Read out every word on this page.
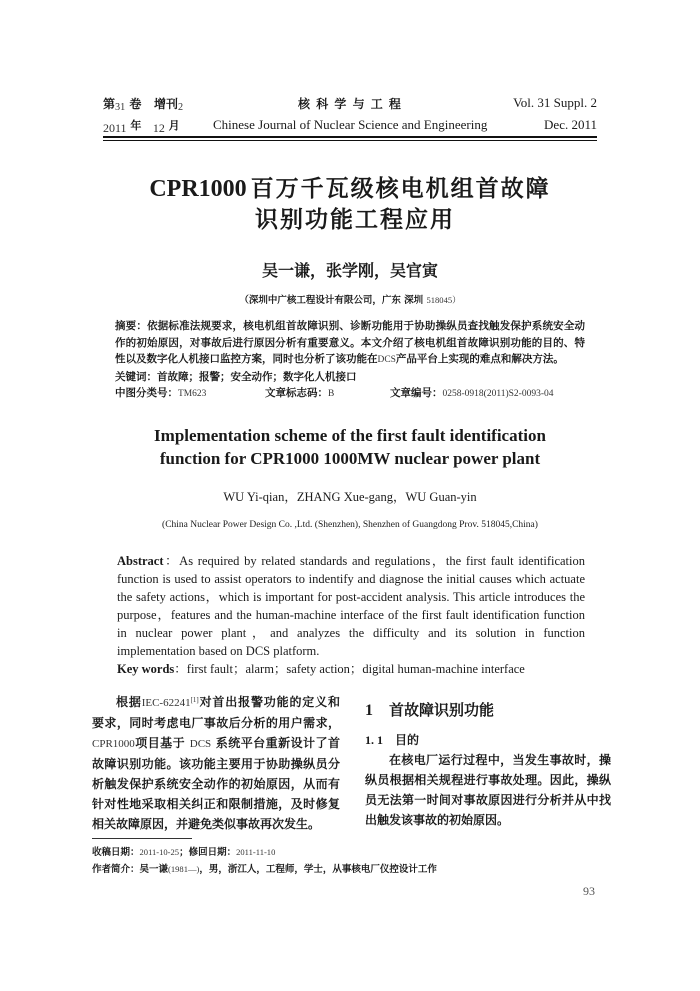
第31 卷 增刊2	核 科 学 与 工 程	Vol. 31 Suppl. 2
2011 年 12 月	Chinese Journal of Nuclear Science and Engineering	Dec. 2011
CPR1000 百万千瓦级核电机组首故障
识别功能工程应用
吴一谦，张学刚，吴官寅
（深圳中广核工程设计有限公司，广东 深圳 518045）
摘要：依据标准法规要求，核电机组首故障识别、诊断功能用于协助操纵员查找触发保护系统安全动作的初始原因，对事故后进行原因分析有重要意义。本文介绍了核电机组首故障识别功能的目的、特性以及数字化人机接口监控方案，同时也分析了该功能在DCS产品平台上实现的难点和解决方法。
关键词：首故障；报警；安全动作；数字化人机接口
中图分类号：TM623	文章标志码：B	文章编号：0258-0918(2011)S2-0093-04
Implementation scheme of the first fault identification
function for CPR1000 1000MW nuclear power plant
WU Yi-qian，ZHANG Xue-gang，WU Guan-yin
(China Nuclear Power Design Co. ,Ltd. (Shenzhen), Shenzhen of Guangdong Prov. 518045,China)
Abstract：As required by related standards and regulations，the first fault identification function is used to assist operators to indentify and diagnose the initial causes which actuate the safety actions，which is important for post-accident analysis. This article introduces the purpose，features and the human-machine interface of the first fault identification function in nuclear power plant，and analyzes the difficulty and its solution in function implementation based on DCS platform.
Key words：first fault；alarm；safety action；digital human-machine interface

根据IEC-62241[1]对首出报警功能的定义和要求，同时考虑电厂事故后分析的用户需求，CPR1000项目基于 DCS 系统平台重新设计了首故障识别功能。该功能主要用于协助操纵员分析触发保护系统安全动作的初始原因，从而有针对性地采取相关纠正和限制措施，及时修复相关故障原因，并避免类似事故再次发生。

1 首故障识别功能
1. 1 目的

在核电厂运行过程中，当发生事故时，操纵员根据相关规程进行事故处理。因此，操纵员无法第一时间对事故原因进行分析并从中找出触发该事故的初始原因。

收稿日期：2011-10-25；修回日期：2011-11-10
作者简介：吴一谦(1981—)，男，浙江人，工程师，学士，从事核电厂仪控设计工作
93
